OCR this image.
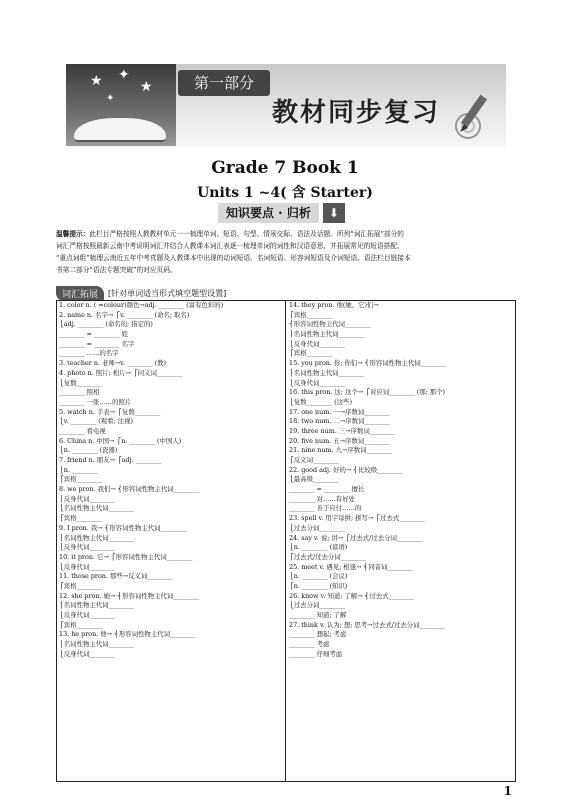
★ ✦
★
✦
第一部分
教材同步复习
Grade 7 Book 1
Units 1 ~4( 含 Starter)
知识要点 · 归析	⬇
温馨提示：此栏目严格按照人教教材单元一一梳理单词、短语、句型、情景交际、语法及话题。所列“词汇拓展”部分的
词汇严格按照最新云南中考说明词汇并结合人教课本词汇表逐一梳理单词的词性和汉语意思，并拓展常见的短语搭配。
“重点词组”梳理云南近五年中考真题及人教课本中出现的动词短语、名词短语、形容词短语及介词短语。语法栏目链接本
书第二部分“语法专题突破”的对应页码。
词汇拓展	[针对单词适当形式填空题型设置]
1. color n. ( =colour)颜色→adj. ________ (富有色彩的)
2. name n. 名字→ ⎧v. ________ (命名; 取名)
⎩adj. ________ (命名的; 指定的)
________ = ________ 姓
________ = ________ 名字
________ ……的名字
3. teacher n. 老师→v. ________ (教)
4. photo n. 照片; 相片→ ⎧同义词________
⎩复数________
________ 照相
________ 一张……的照片
5. watch n. 手表→ ⎧复数________
⎩v. ________ (观看; 注视)
________ 看电视
6. China n. 中国→ ⎧n. ________ (中国人)
⎩n. ________ (瓷器)
7. friend n. 朋友→ ⎧adj. ________
⎩n. ________
⎧宾格________
8. we pron. 我们→ ⎨形容词性物主代词________
⎪反身代词________
⎩名词性物主代词________
⎧宾格________
9. I pron. 我→ ⎨形容词性物主代词________
⎪名词性物主代词________
⎩反身代词________
10. it pron. 它→ ⎧形容词性物主代词________
⎩反身代词________
11. those pron. 那些→反义词________
⎧宾格________
12. she pron. 她→ ⎨形容词性物主代词________
⎪名词性物主代词________
⎩反身代词________
⎧宾格________
13. he pron. 他→ ⎨形容词性物主代词________
⎪名词性物主代词________
⎩反身代词________
14. they pron. 他(她、它)们→
⎧宾格________
⎨形容词性物主代词________
⎪名词性物主代词________
⎩反身代词________
⎧宾格________
15. you pron. 你; 你们→ ⎨形容词性物主代词________
⎪名词性物主代词________
⎩反身代词________
16. this pron. 这; 这个→ ⎧对应词________ (那; 那个)
⎩复数________ (这些)
17. one num. 一→序数词________
18. two num. 二→序数词________
19. three num. 三→序数词________
20. five num. 五→序数词________
21. nine num. 九→序数词________
⎧反义词________
22. good adj. 好的→ ⎨比较级________
⎩最高级________
________ = ________ 擅长
________ 对……有好处
________ 善于应付……的
23. spell v. 用字母拼; 拼写→ ⎧过去式________
⎩过去分词________
24. say v. 说; 讲→ ⎧过去式/过去分词________
⎩n. ________ (谚语)
⎧过去式/过去分词________
25. meet v. 遇见; 相逢→ ⎨同音词________
⎩n. ________ (会议)
⎧n. ________ (知识)
26. know v. 知道; 了解→ ⎨过去式________
⎩过去分词________
________ 知道; 了解
27. think v. 认为; 想; 思考→过去式/过去分词________
________ 想起; 考虑
________ 考虑
________ 仔细考虑
1
